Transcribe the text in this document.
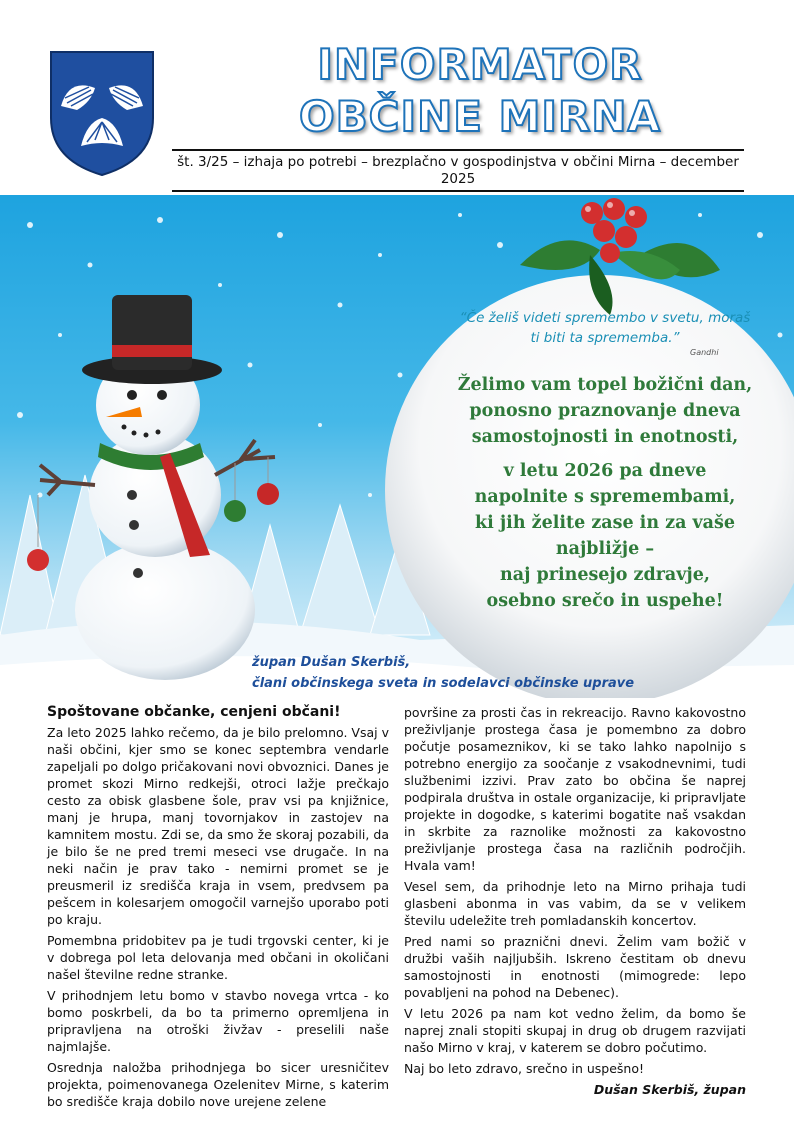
INFORMATOR
OBČINE MIRNA
št. 3/25 – izhaja po potrebi – brezplačno v gospodinjstva v občini Mirna – december 2025
“Če želiš videti spremembo v svetu, moraš ti biti ta sprememba.”
Gandhi

Želimo vam topel božični dan,

ponosno praznovanje dneva

samostojnosti in enotnosti,

v letu 2026 pa dneve

napolnite s spremembami,

ki jih želite zase in za vaše

najbližje –

naj prinesejo zdravje,

osebno srečo in uspehe!

župan Dušan Skerbiš,
člani občinskega sveta in sodelavci občinske uprave
Spoštovane občanke, cenjeni občani!

Za leto 2025 lahko rečemo, da je bilo prelomno. Vsaj v naši občini, kjer smo se konec septembra vendarle zapeljali po dolgo pričakovani novi obvoznici. Danes je promet skozi Mirno redkejši, otroci lažje prečkajo cesto za obisk glasbene šole, prav vsi pa knjižnice, manj je hrupa, manj tovornjakov in zastojev na kamnitem mostu. Zdi se, da smo že skoraj pozabili, da je bilo še ne pred tremi meseci vse drugače. In na neki način je prav tako - nemirni promet se je preusmeril iz središča kraja in vsem, predvsem pa pešcem in kolesarjem omogočil varnejšo uporabo poti po kraju.

Pomembna pridobitev pa je tudi trgovski center, ki je v dobrega pol leta delovanja med občani in okoličani našel številne redne stranke.

V prihodnjem letu bomo v stavbo novega vrtca - ko bomo poskrbeli, da bo ta primerno opremljena in pripravljena na otroški živžav - preselili naše najmlajše.

Osrednja naložba prihodnjega bo sicer uresničitev projekta, poimenovanega Ozelenitev Mirne, s katerim bo središče kraja dobilo nove urejene zelene

površine za prosti čas in rekreacijo. Ravno kakovostno preživljanje prostega časa je pomembno za dobro počutje posameznikov, ki se tako lahko napolnijo s potrebno energijo za soočanje z vsakodnevnimi, tudi službenimi izzivi. Prav zato bo občina še naprej podpirala društva in ostale organizacije, ki pripravljate projekte in dogodke, s katerimi bogatite naš vsakdan in skrbite za raznolike možnosti za kakovostno preživljanje prostega časa na različnih področjih. Hvala vam!

Vesel sem, da prihodnje leto na Mirno prihaja tudi glasbeni abonma in vas vabim, da se v velikem številu udeležite treh pomladanskih koncertov.

Pred nami so praznični dnevi. Želim vam božič v družbi vaših najljubših. Iskreno čestitam ob dnevu samostojnosti in enotnosti (mimogrede: lepo povabljeni na pohod na Debenec).

V letu 2026 pa nam kot vedno želim, da bomo še naprej znali stopiti skupaj in drug ob drugem razvijati našo Mirno v kraj, v katerem se dobro počutimo.

Naj bo leto zdravo, srečno in uspešno!

Dušan Skerbiš, župan
